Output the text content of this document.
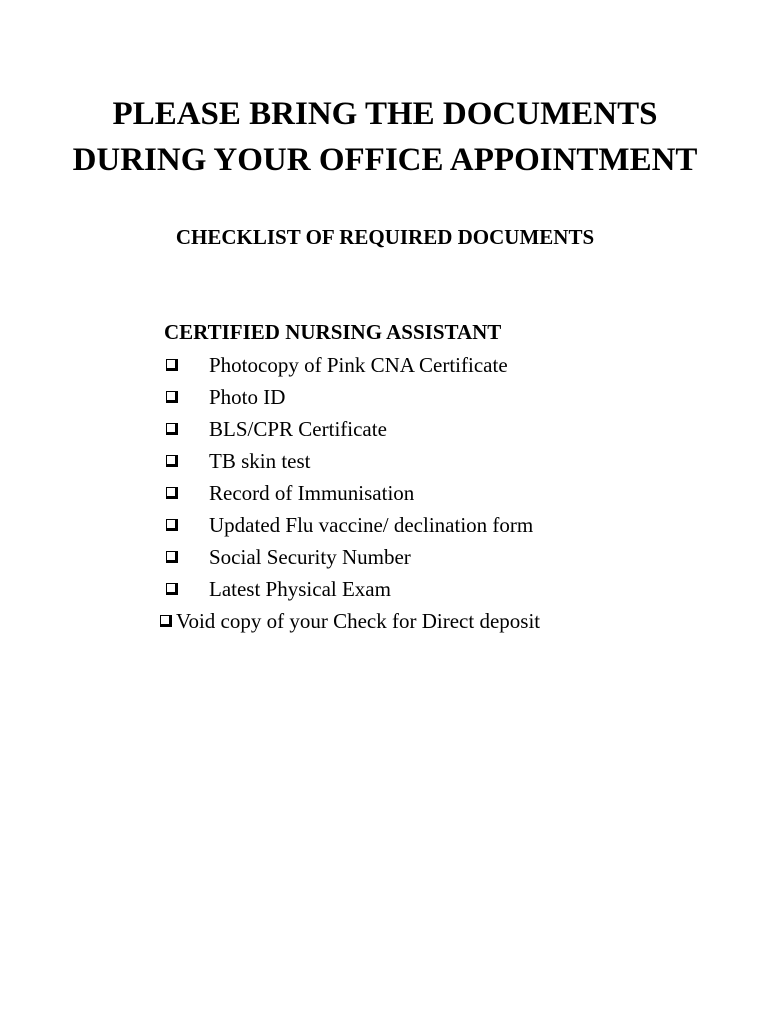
PLEASE BRING THE DOCUMENTS
DURING YOUR OFFICE APPOINTMENT
CHECKLIST OF REQUIRED DOCUMENTS
CERTIFIED NURSING ASSISTANT
Photocopy of Pink CNA Certificate
Photo ID
BLS/CPR Certificate
TB skin test
Record of Immunisation
Updated Flu vaccine/ declination form
Social Security Number
Latest Physical Exam
Void copy of your Check for Direct deposit
